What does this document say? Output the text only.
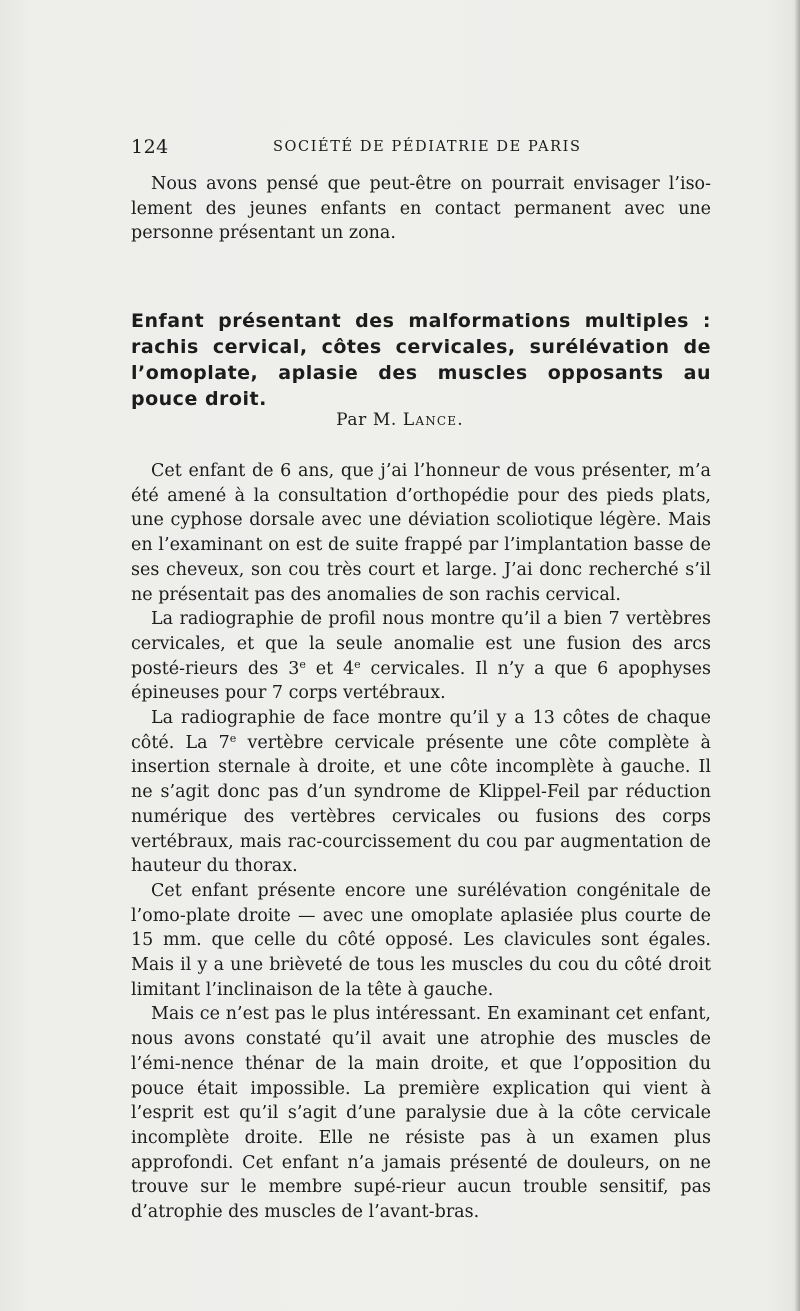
124	SOCIÉTÉ DE PÉDIATRIE DE PARIS

Nous avons pensé que peut-être on pourrait envisager l’iso-lement des jeunes enfants en contact permanent avec une personne présentant un zona.

Enfant présentant des malformations multiples : rachis cervical, côtes cervicales, surélévation de l’omoplate, aplasie des muscles opposants au pouce droit.

Par M. Lance.

Cet enfant de 6 ans, que j’ai l’honneur de vous présenter, m’a été amené à la consultation d’orthopédie pour des pieds plats, une cyphose dorsale avec une déviation scoliotique légère. Mais en l’examinant on est de suite frappé par l’implantation basse de ses cheveux, son cou très court et large. J’ai donc recherché s’il ne présentait pas des anomalies de son rachis cervical.

La radiographie de profil nous montre qu’il a bien 7 vertèbres cervicales, et que la seule anomalie est une fusion des arcs posté-rieurs des 3e et 4e cervicales. Il n’y a que 6 apophyses épineuses pour 7 corps vertébraux.

La radiographie de face montre qu’il y a 13 côtes de chaque côté. La 7e vertèbre cervicale présente une côte complète à insertion sternale à droite, et une côte incomplète à gauche. Il ne s’agit donc pas d’un syndrome de Klippel-Feil par réduction numérique des vertèbres cervicales ou fusions des corps vertébraux, mais rac-courcissement du cou par augmentation de hauteur du thorax.

Cet enfant présente encore une surélévation congénitale de l’omo-plate droite — avec une omoplate aplasiée plus courte de 15 mm. que celle du côté opposé. Les clavicules sont égales. Mais il y a une brièveté de tous les muscles du cou du côté droit limitant l’inclinaison de la tête à gauche.

Mais ce n’est pas le plus intéressant. En examinant cet enfant, nous avons constaté qu’il avait une atrophie des muscles de l’émi-nence thénar de la main droite, et que l’opposition du pouce était impossible. La première explication qui vient à l’esprit est qu’il s’agit d’une paralysie due à la côte cervicale incomplète droite. Elle ne résiste pas à un examen plus approfondi. Cet enfant n’a jamais présenté de douleurs, on ne trouve sur le membre supé-rieur aucun trouble sensitif, pas d’atrophie des muscles de l’avant-bras.
